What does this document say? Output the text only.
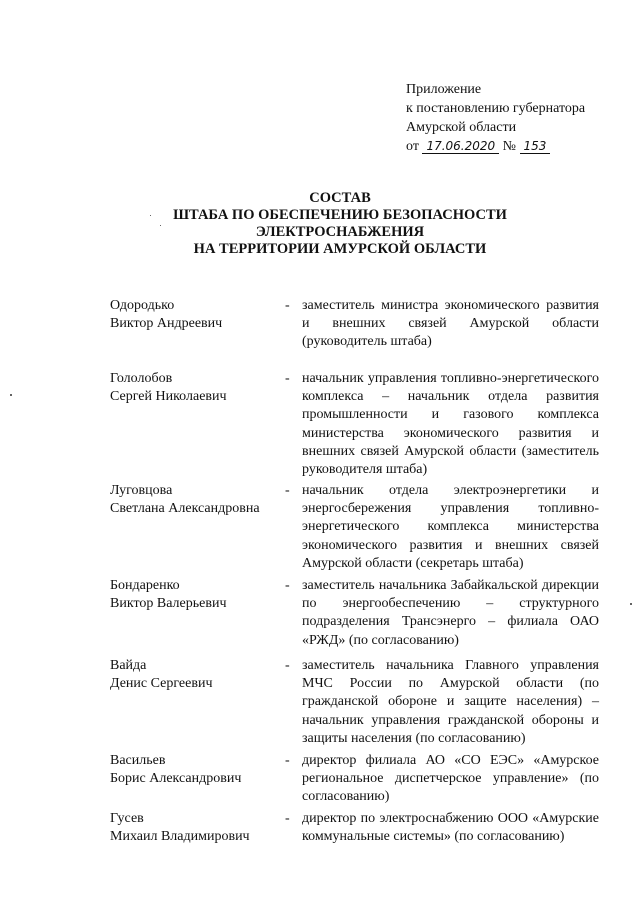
Приложение
к постановлению губернатора
Амурской области
от 17.06.2020 № 153
СОСТАВ
ШТАБА ПО ОБЕСПЕЧЕНИЮ БЕЗОПАСНОСТИ
ЭЛЕКТРОСНАБЖЕНИЯ
НА ТЕРРИТОРИИ АМУРСКОЙ ОБЛАСТИ
Одородько
Виктор Андреевич
- заместитель министра экономического развития и внешних связей Амурской области (руководитель штаба)
Гололобов
Сергей Николаевич
- начальник управления топливно-энергетического комплекса – начальник отдела развития промышленности и газового комплекса министерства экономического развития и внешних связей Амурской области (заместитель руководителя штаба)
Луговцова
Светлана Александровна
- начальник отдела электроэнергетики и энергосбережения управления топливно-энергетического комплекса министерства экономического развития и внешних связей Амурской области (секретарь штаба)
Бондаренко
Виктор Валерьевич
- заместитель начальника Забайкальской дирекции по энергообеспечению – структурного подразделения Трансэнерго – филиала ОАО «РЖД» (по согласованию)
Вайда
Денис Сергеевич
- заместитель начальника Главного управления МЧС России по Амурской области (по гражданской обороне и защите населения) – начальник управления гражданской обороны и защиты населения (по согласованию)
Васильев
Борис Александрович
- директор филиала АО «СО ЕЭС» «Амурское региональное диспетчерское управление» (по согласованию)
Гусев
Михаил Владимирович
- директор по электроснабжению ООО «Амурские коммунальные системы» (по согласованию)
